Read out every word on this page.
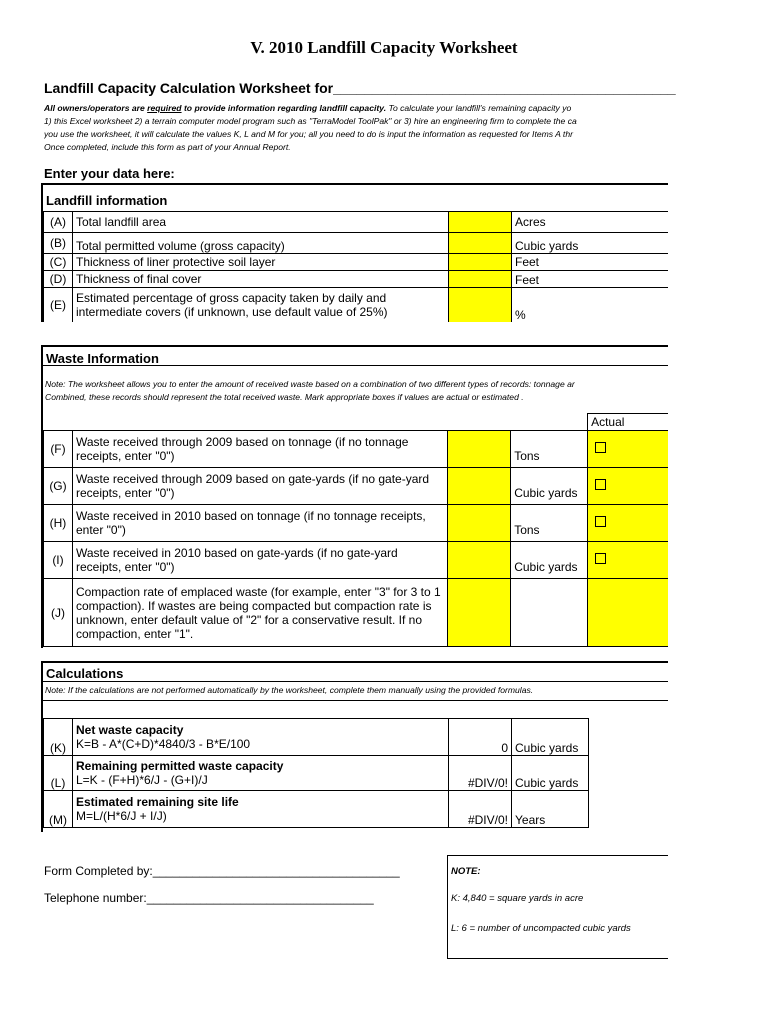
V. 2010 Landfill Capacity Worksheet
Landfill Capacity Calculation Worksheet for____________________________________________
All owners/operators are required to provide information regarding landfill capacity. To calculate your landfill's remaining capacity yo
1) this Excel worksheet 2) a terrain computer model program such as "TerraModel ToolPak" or 3) hire an engineering firm to complete the ca
you use the worksheet, it will calculate the values K, L and M for you; all you need to do is input the information as requested for Items A thr
Once completed, include this form as part of your Annual Report.
Enter your data here:
Landfill information
(A)	Total landfill area		Acres
(B)	Total permitted volume (gross capacity)		Cubic yards
(C)	Thickness of liner protective soil layer		Feet
(D)	Thickness of final cover		Feet
(E)	Estimated percentage of gross capacity taken by daily and intermediate covers (if unknown, use default value of 25%)		%
Waste Information
Note: The worksheet allows you to enter the amount of received waste based on a combination of two different types of records: tonnage ar
Combined, these records should represent the total received waste. Mark appropriate boxes if values are actual or estimated .
				Actual
(F)	Waste received through 2009 based on tonnage (if no tonnage receipts, enter "0")		Tons	
(G)	Waste received through 2009 based on gate-yards (if no gate-yard receipts, enter "0")		Cubic yards	
(H)	Waste received in 2010 based on tonnage (if no tonnage receipts, enter "0")		Tons	
(I)	Waste received in 2010 based on gate-yards (if no gate-yard receipts, enter "0")		Cubic yards	
(J)	Compaction rate of emplaced waste (for example, enter "3" for 3 to 1 compaction). If wastes are being compacted but compaction rate is unknown, enter default value of "2" for a conservative result. If no compaction, enter "1".			
Calculations
Note: If the calculations are not performed automatically by the worksheet, complete them manually using the provided formulas.
(K)	Net waste capacity
K=B - A*(C+D)*4840/3 - B*E/100	0	Cubic yards
(L)	Remaining permitted waste capacity
L=K - (F+H)*6/J - (G+I)/J	#DIV/0!	Cubic yards
(M)	Estimated remaining site life
M=L/(H*6/J + I/J)	#DIV/0!	Years
Form Completed by:_____________________________________
Telephone number:__________________________________
NOTE:
K: 4,840 = square yards in acre
L: 6 = number of uncompacted cubic yards
